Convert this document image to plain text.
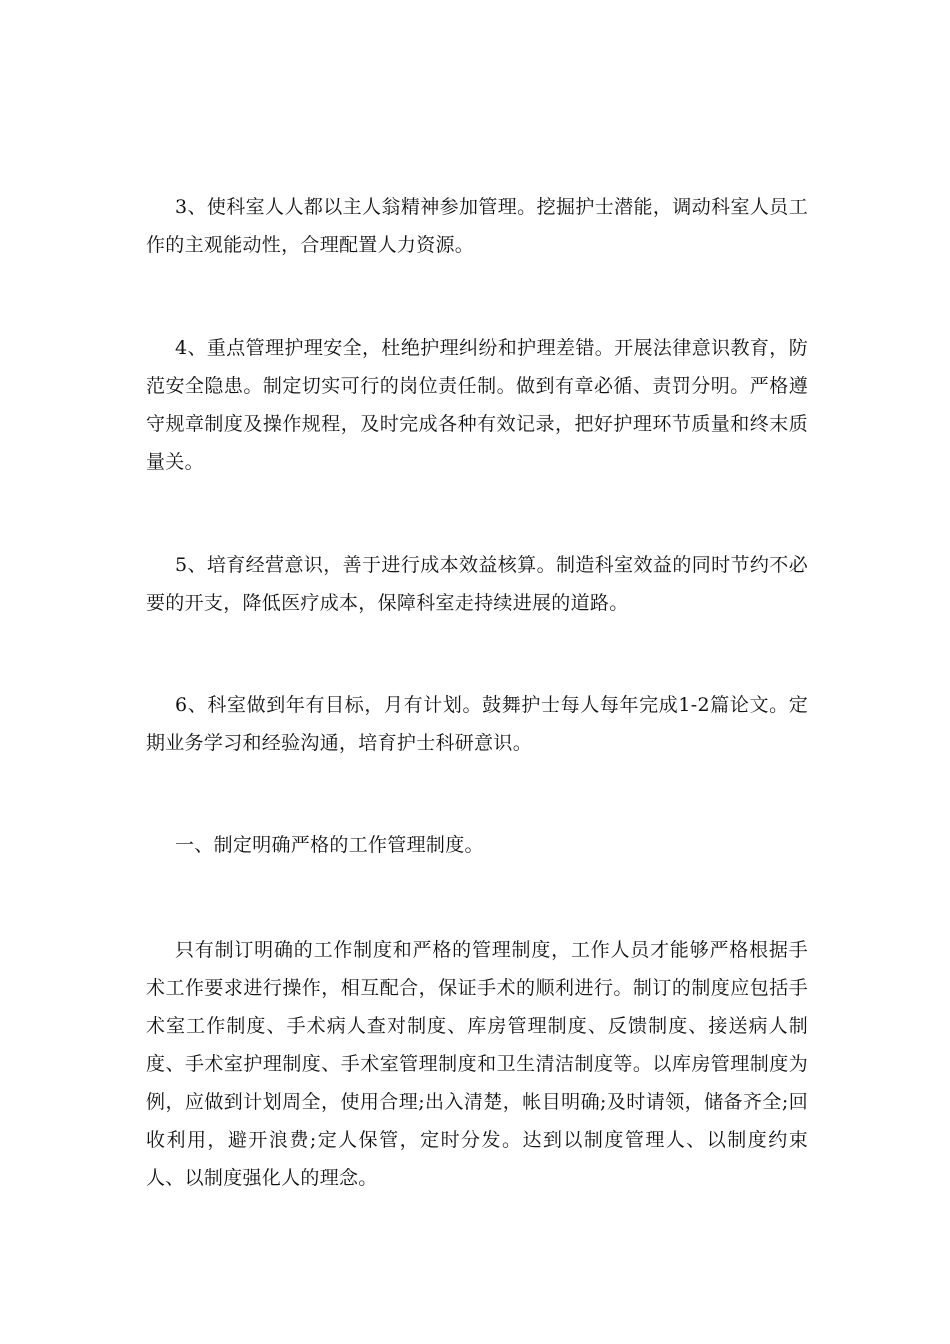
3、使科室人人都以主人翁精神参加管理。挖掘护士潜能，调动科室人员工作的主观能动性，合理配置人力资源。

4、重点管理护理安全，杜绝护理纠纷和护理差错。开展法律意识教育，防范安全隐患。制定切实可行的岗位责任制。做到有章必循、责罚分明。严格遵守规章制度及操作规程，及时完成各种有效记录，把好护理环节质量和终末质量关。

5、培育经营意识，善于进行成本效益核算。制造科室效益的同时节约不必要的开支，降低医疗成本，保障科室走持续进展的道路。

6、科室做到年有目标，月有计划。鼓舞护士每人每年完成1-2篇论文。定期业务学习和经验沟通，培育护士科研意识。

一、制定明确严格的工作管理制度。

只有制订明确的工作制度和严格的管理制度，工作人员才能够严格根据手术工作要求进行操作，相互配合，保证手术的顺利进行。制订的制度应包括手术室工作制度、手术病人查对制度、库房管理制度、反馈制度、接送病人制度、手术室护理制度、手术室管理制度和卫生清洁制度等。以库房管理制度为例，应做到计划周全，使用合理;出入清楚，帐目明确;及时请领，储备齐全;回收利用，避开浪费;定人保管，定时分发。达到以制度管理人、以制度约束人、以制度强化人的理念。
